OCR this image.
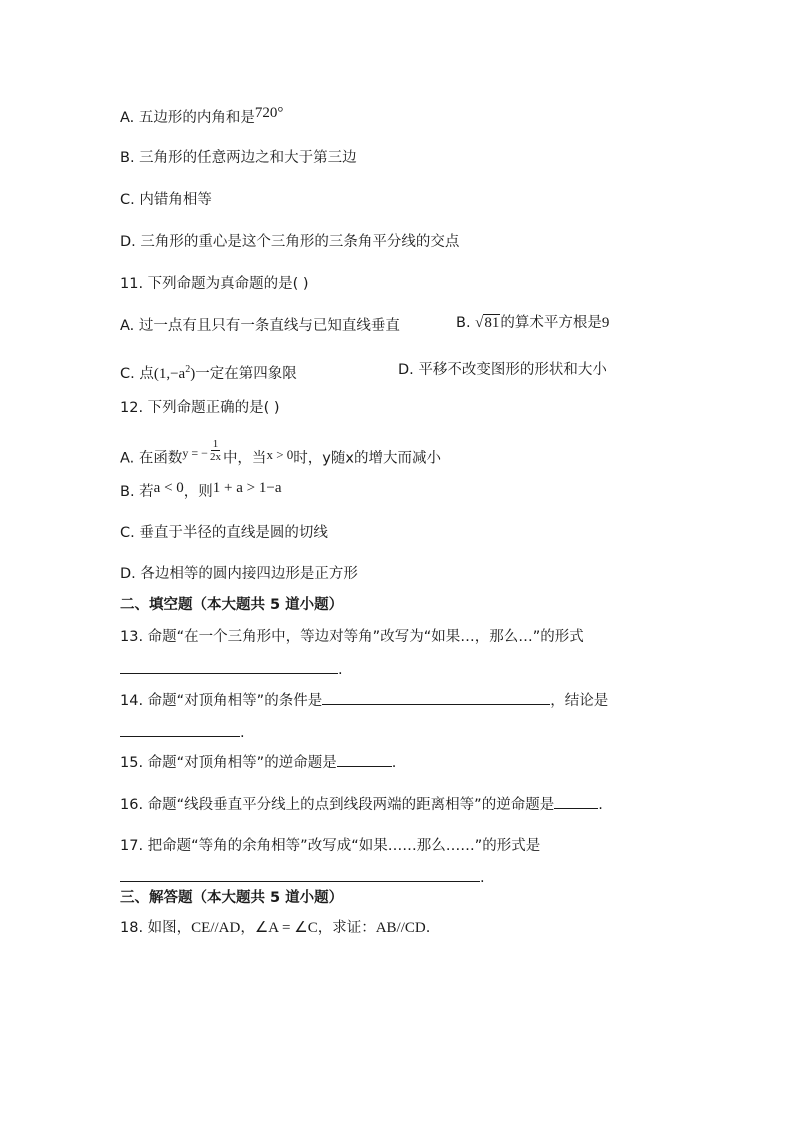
A. 五边形的内角和是720°
B. 三角形的任意两边之和大于第三边
C. 内错角相等
D. 三角形的重心是这个三角形的三条角平分线的交点
11. 下列命题为真命题的是( )
A. 过一点有且只有一条直线与已知直线垂直	B. √81的算术平方根是9
C. 点$(1,-a^2)$一定在第四象限	D. 平移不改变图形的形状和大小
12. 下列命题正确的是( )
A. 在函数$^{y = -} \frac{1}{2x}$ 中，当x > 0时，y随x的增大而减小
B. 若a < 0，则1 + a > 1−a
C. 垂直于半径的直线是圆的切线
D. 各边相等的圆内接四边形是正方形
二、填空题（本大题共 5 道小题）
13. 命题“在一个三角形中，等边对等角”改写为“如果…，那么…”的形式
.
14. 命题“对顶角相等”的条件是	，结论是
.
15. 命题“对顶角相等”的逆命题是	.
16. 命题“线段垂直平分线上的点到线段两端的距离相等”的逆命题是	.
17. 把命题“等角的余角相等”改写成“如果……那么……”的形式是
.
三、解答题（本大题共 5 道小题）
18. 如图，CE//AD，∠A = ∠C，求证：AB//CD.
